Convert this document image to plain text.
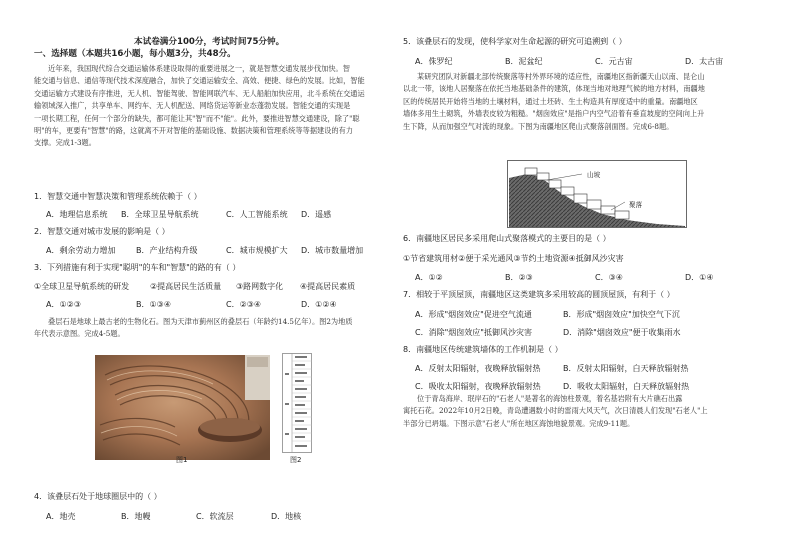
本试卷满分100分，考试时间75分钟。
一、选择题（本题共16小题，每小题3分，共48分。
近年来，我国现代综合交通运输体系建设取得的重要进展之一，就是智慧交通发展步伐加快。智
能交通与信息、通信等现代技术深度融合，加快了交通运输安全、高效、便捷、绿色的发展。比如，智能
交通运输方式建设有序推进，无人机、智能驾驶、智能网联汽车、无人船舶加快应用，北斗系统在交通运
输领域深入推广，共享单车、网约车、无人机配送、网络货运等新业态蓬勃发展。智能交通的实现是
一项长期工程，任何一个部分的缺失，都可能让其"智"而不"能"。此外，要推进智慧交通建设，除了"聪
明"的车，更要有"智慧"的路，这就离不开对智能的基础设施、数据决策和管理系统等等据建设的有力
支撑。完成1-3题。
1．智慧交通中智慧决策和管理系统依赖于（ ）
A．地理信息系统 B．全球卫星导航系统	C．人工智能系统 D．遥感
2．智慧交通对城市发展的影响是（ ）
A．剩余劳动力增加	B．产业结构升级	C．城市规模扩大 D．城市数量增加
3．下列措施有利于实现"聪明"的车和"智慧"的路的有（ ）
①全球卫星导航系统的研发	②提高居民生活质量 ③路网数字化 ④提高居民素质
A．①②③	B．①③④	C．②③④	D．①②④
叠层石是地球上最古老的生物化石。图为天津市蓟州区的叠层石（年龄约14.5亿年）。图2为地质
年代表示意图。完成4-5题。
图1	图2
4．该叠层石处于地球圈层中的（ ）
A．地壳	B．地幔	C．软流层	D．地核
5．该叠层石的发现，使科学家对生命起源的研究可追溯到（ ）
A．侏罗纪	B．泥盆纪	C．元古宙	D．太古宙
某研究团队对新疆北部传统聚落等村外界环境的适应性，南疆地区指新疆天山以南、昆仑山
以北一带，该地人居聚落在依托当地基础条件的建筑，体现当地对地理气候的地方材料，南疆地
区的传统居民开始将当地的土壤材料，通过土坯砖、生土构造具有厚度适中的重量。南疆地区
墙体多用生土砌筑，外墙表皮较为粗糙。"烟囱效应"是指户内空气沿着有垂直坡度的空间向上升
生下降，从而加强空气对流的现象。下图为南疆地区爬山式聚落剖面图。完成6-8题。
山坡
聚落
6．南疆地区居民多采用爬山式聚落模式的主要目的是（ ）
①节省建筑用材②便于采光通风③节约土地资源④抵御风沙灾害
A．①②	B．②③	C．③④	D．①④
7．相较于平顶屋顶，南疆地区这类建筑多采用较高的圆顶屋顶，有利于（ ）
A．形成"烟囱效应"促进空气流通	B．形成"烟囱效应"加快空气下沉
C．消除"烟囱效应"抵御风沙灾害	D．消除"烟囱效应"便于收集雨水
8．南疆地区传统建筑墙体的工作机制是（ ）
A．反射太阳辐射，夜晚释放辐射热	B．反射太阳辐射，白天释放辐射热
C．吸收太阳辐射，夜晚释放辐射热	D．吸收太阳辐射，白天释放辐射热
位于青岛海岸、珉岸石的"石老人"是著名的海蚀柱景观，着名基岩附有大片礁石出露
寓托石花。2022年10月2日晚，青岛遭遇数小时的雷雨大风天气，次日清晨人们发现"石老人"上
半部分已坍塌。下图示意"石老人"所在地区海蚀地貌景观。完成9-11题。
